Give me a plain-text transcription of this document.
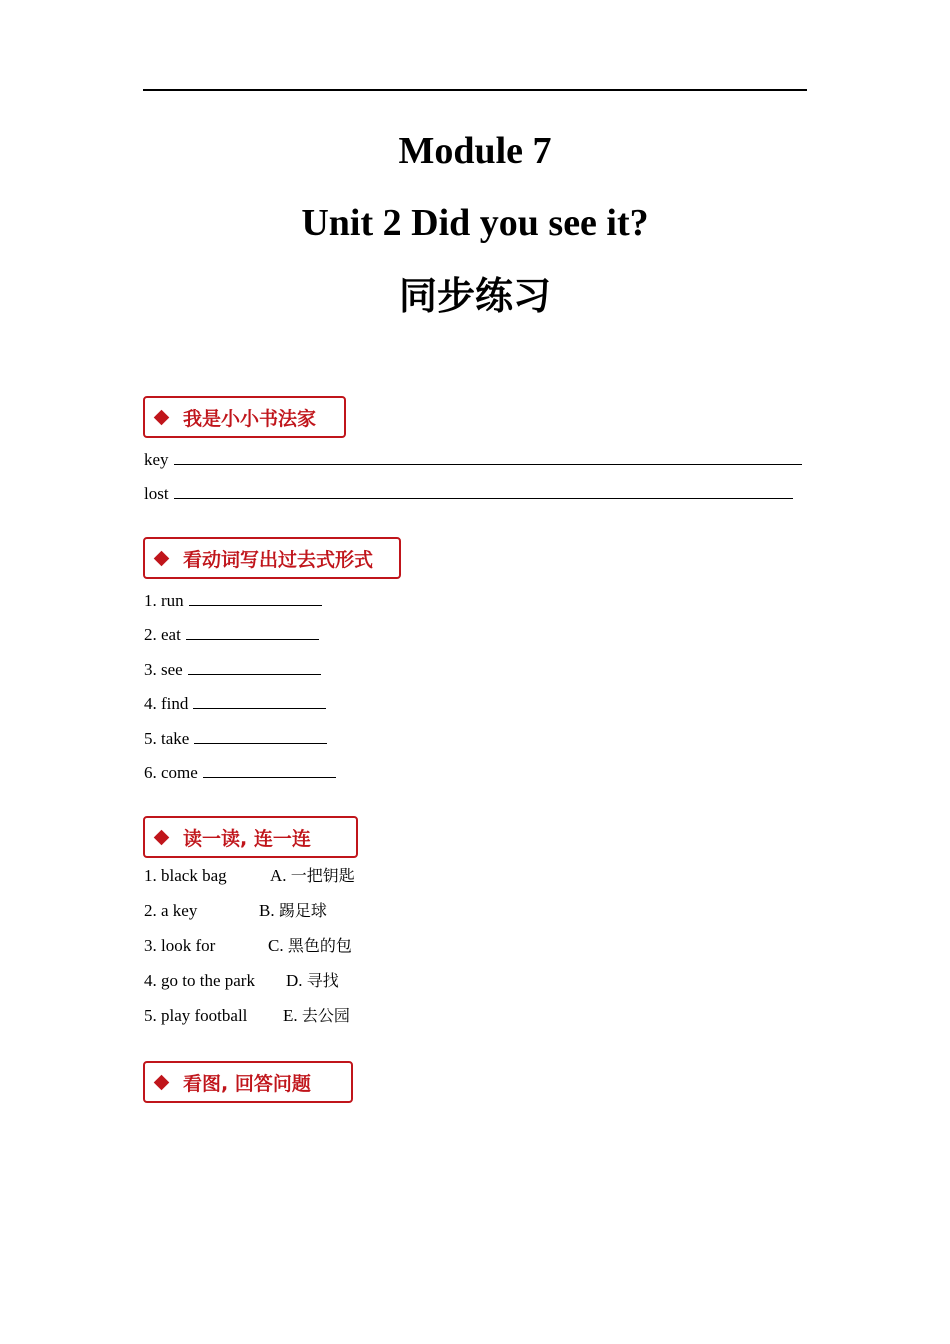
Module 7
Unit 2 Did you see it?
同步练习
我是小小书法家
key
lost
看动词写出过去式形式
1. run
2. eat
3. see
4. find
5. take
6. come
读一读, 连一连
1. black bag	A. 一把钥匙
2. a key	B. 踢足球
3. look for	C. 黑色的包
4. go to the park D. 寻找
5. play football E. 去公园
看图, 回答问题
